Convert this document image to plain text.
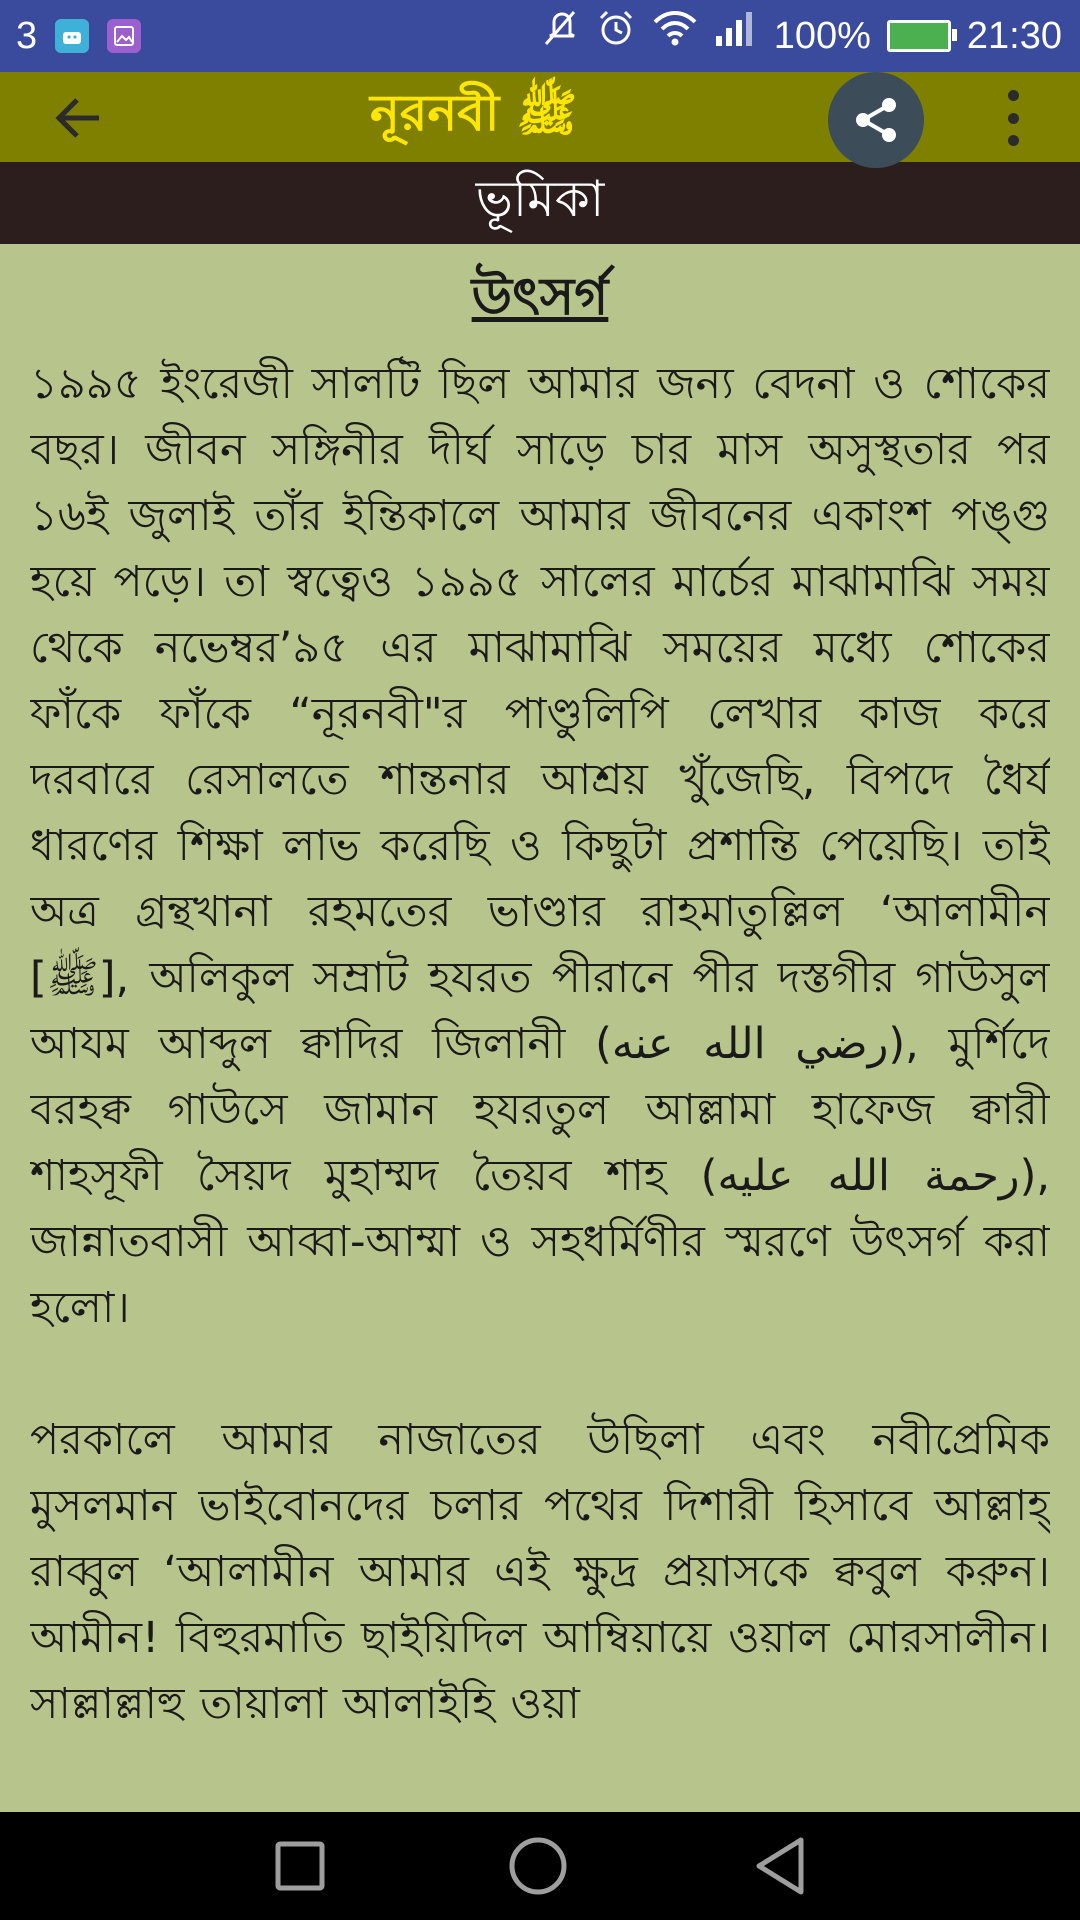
3	100%	21:30
নূরনবী ﷺ
ভূমিকা
উৎসর্গ

১৯৯৫ ইংরেজী সালটি ছিল আমার জন্য বেদনা ও শোকের বছর। জীবন সঙ্গিনীর দীর্ঘ সাড়ে চার মাস অসুস্থতার পর ১৬ই জুলাই তাঁর ইন্তিকালে আমার জীবনের একাংশ পঙ্গু হয়ে পড়ে। তা স্বত্বেও ১৯৯৫ সালের মার্চের মাঝামাঝি সময় থেকে নভেম্বর’৯৫ এর মাঝামাঝি সময়ের মধ্যে শোকের ফাঁকে ফাঁকে “নূরনবী"র পাণ্ডুলিপি লেখার কাজ করে দরবারে রেসালতে শান্তনার আশ্রয় খুঁজেছি, বিপদে ধৈর্য ধারণের শিক্ষা লাভ করেছি ও কিছুটা প্রশান্তি পেয়েছি। তাই অত্র গ্রন্থখানা রহমতের ভাণ্ডার রাহমাতুল্লিল ‘আলামীন [ﷺ], অলিকুল সম্রাট হযরত পীরানে পীর দস্তগীর গাউসুল আযম আব্দুল ক্বাদির জিলানী (رضي الله عنه), মুর্শিদে বরহক্ব গাউসে জামান হযরতুল আল্লামা হাফেজ ক্বারী শাহসূফী সৈয়দ মুহাম্মদ তৈয়ব শাহ (رحمة الله عليه), জান্নাতবাসী আব্বা-আম্মা ও সহধর্মিণীর স্মরণে উৎসর্গ করা হলো।

পরকালে আমার নাজাতের উছিলা এবং নবীপ্রেমিক মুসলমান ভাইবোনদের চলার পথের দিশারী হিসাবে আল্লাহ্ রাব্বুল ‘আলামীন আমার এই ক্ষুদ্র প্রয়াসকে ক্ববুল করুন। আমীন! বিহুরমাতি ছাইয়িদিল আম্বিয়ায়ে ওয়াল মোরসালীন। সাল্লাল্লাহু তায়ালা আলাইহি ওয়া
